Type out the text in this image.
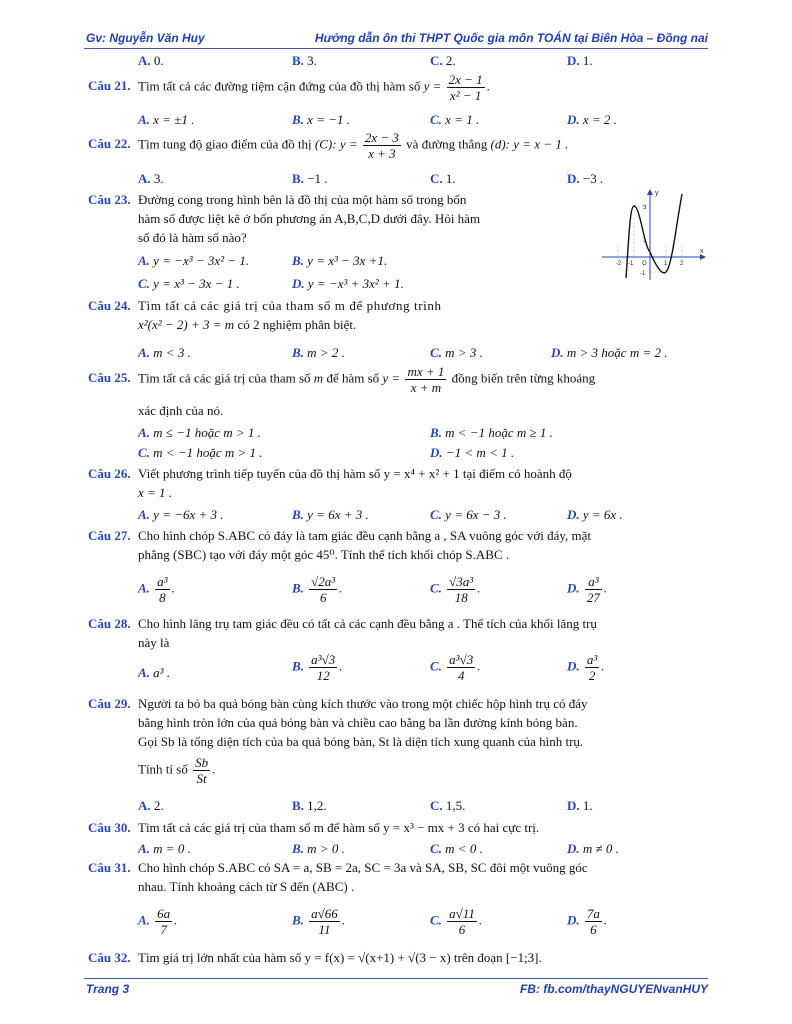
Gv: Nguyễn Văn Huy	Hướng dẫn ôn thi THPT Quốc gia môn TOÁN tại Biên Hòa – Đồng nai
A. 0.	B. 3.	C. 2.	D. 1.
Câu 21. Tìm tất cả các đường tiệm cận đứng của đồ thị hàm số $y = \frac{2x - 1}{\text{x² − 1}}$ .
A. x = ±1 .	B. x = −1 .	C. x = 1 .	D. x = 2 .
Câu 22. Tìm tung độ giao điểm của đồ thị (C): $y = \frac{2x - 3}{x + 3}$ và đường thẳng (d): y = x − 1 .
A. 3.	B. −1 .	C. 1.	D. −3 .
Câu 23. Đường cong trong hình bên là đồ thị của một hàm số trong bốn
hàm số được liệt kê ở bốn phương án A,B,C,D dưới đây. Hỏi hàm
số đó là hàm số nào?
A. y = −x³ − 3x² − 1.	B. y = x³ − 3x +1.
C. y = x³ − 3x − 1 .	D. y = −x³ + 3x² + 1.
y
x
O
-1
-2	1 2
3
1
-1
Câu 24. Tìm tất cả các giá trị của tham số m để phương trình
x²(x² − 2) + 3 = m có 2 nghiệm phân biệt.
A. m < 3 .	B. m > 2 .	C. m > 3 .	D. m > 3 hoặc m = 2 .
Câu 25. Tìm tất cả các giá trị của tham số m để hàm số $y = \frac{mx + 1}{x + m}$ đồng biến trên từng khoảng
xác định của nó.
A. m ≤ −1 hoặc m > 1 .	B. m < −1 hoặc m ≥ 1 .
C. m < −1 hoặc m > 1 .	D. −1 < m < 1 .
Câu 26. Viết phương trình tiếp tuyến của đồ thị hàm số y = x⁴ + x² + 1 tại điểm có hoành độ
x = 1 .
A. y = −6x + 3 .	B. y = 6x + 3 .	C. y = 6x − 3 .	D. y = 6x .
Câu 27. Cho hình chóp S.ABC có đáy là tam giác đều cạnh bằng a , SA vuông góc với đáy, mặt
phẳng (SBC) tạo với đáy một góc 45⁰. Tính thể tích khối chóp S.ABC .
A. $\frac{\text{a³}}{8}$ .	B. $\frac{\text{√2a³}}{6}$ .	C. $\frac{\text{√3a³}}{18}$ .	D. $\frac{\text{a³}}{27}$ .
Câu 28. Cho hình lăng trụ tam giác đều có tất cả các cạnh đều bằng a . Thể tích của khối lăng trụ
này là
A. a³ .	B. $\frac{\text{a³√3}}{12}$ .	C. $\frac{\text{a³√3}}{4}$ .	D. $\frac{\text{a³}}{2}$ .
Câu 29. Người ta bỏ ba quả bóng bàn cùng kích thước vào trong một chiếc hộp hình trụ có đáy
bằng hình tròn lớn của quả bóng bàn và chiều cao bằng ba lần đường kính bóng bàn.
Gọi Sb là tổng diện tích của ba quả bóng bàn, St là diện tích xung quanh của hình trụ.
Tính tỉ số $\frac{Sb}{St}$ .
A. 2.	B. 1,2.	C. 1,5.	D. 1.
Câu 30. Tìm tất cả các giá trị của tham số m để hàm số y = x³ − mx + 3 có hai cực trị.
A. m = 0 .	B. m > 0 .	C. m < 0 .	D. m ≠ 0 .
Câu 31. Cho hình chóp S.ABC có SA = a, SB = 2a, SC = 3a và SA, SB, SC đôi một vuông góc
nhau. Tính khoảng cách từ S đến (ABC) .
A. $\frac{6a}{7}$ .	B. $\frac{a√66}{11}$ .	C. $\frac{a√11}{6}$ .	D. $\frac{7a}{6}$ .
Câu 32. Tìm giá trị lớn nhất của hàm số y = f(x) = √(x+1) + √(3 − x) trên đoạn [−1;3].
Trang 3	FB: fb.com/thayNGUYENvanHUY
